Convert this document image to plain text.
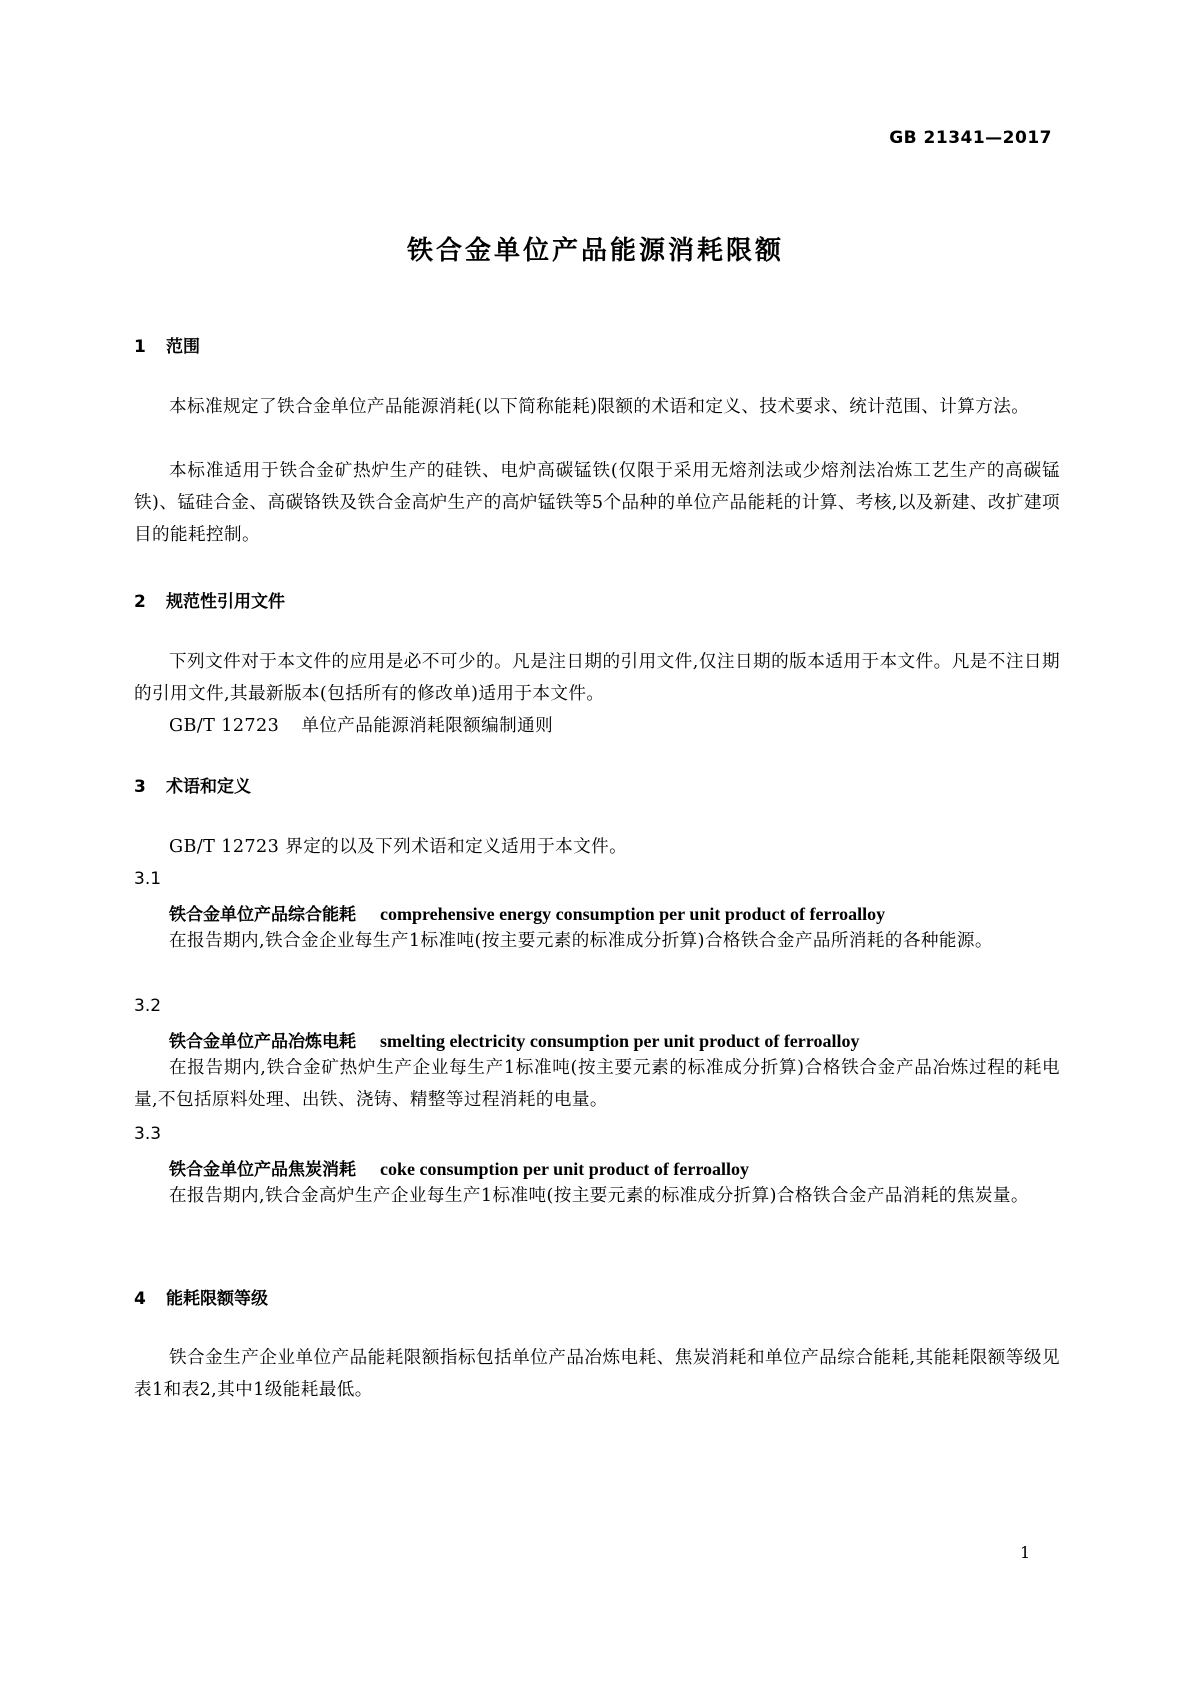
GB 21341—2017
铁合金单位产品能源消耗限额
1 范围
本标准规定了铁合金单位产品能源消耗(以下简称能耗)限额的术语和定义、技术要求、统计范围、计算方法。
本标准适用于铁合金矿热炉生产的硅铁、电炉高碳锰铁(仅限于采用无熔剂法或少熔剂法冶炼工艺生产的高碳锰铁)、锰硅合金、高碳铬铁及铁合金高炉生产的高炉锰铁等5个品种的单位产品能耗的计算、考核,以及新建、改扩建项目的能耗控制。
2 规范性引用文件
下列文件对于本文件的应用是必不可少的。凡是注日期的引用文件,仅注日期的版本适用于本文件。凡是不注日期的引用文件,其最新版本(包括所有的修改单)适用于本文件。
GB/T 12723 单位产品能源消耗限额编制通则
3 术语和定义
GB/T 12723 界定的以及下列术语和定义适用于本文件。
3.1
铁合金单位产品综合能耗 comprehensive energy consumption per unit product of ferroalloy
在报告期内,铁合金企业每生产1标准吨(按主要元素的标准成分折算)合格铁合金产品所消耗的各种能源。
3.2
铁合金单位产品冶炼电耗 smelting electricity consumption per unit product of ferroalloy
在报告期内,铁合金矿热炉生产企业每生产1标准吨(按主要元素的标准成分折算)合格铁合金产品冶炼过程的耗电量,不包括原料处理、出铁、浇铸、精整等过程消耗的电量。
3.3
铁合金单位产品焦炭消耗 coke consumption per unit product of ferroalloy
在报告期内,铁合金高炉生产企业每生产1标准吨(按主要元素的标准成分折算)合格铁合金产品消耗的焦炭量。
4 能耗限额等级
铁合金生产企业单位产品能耗限额指标包括单位产品冶炼电耗、焦炭消耗和单位产品综合能耗,其能耗限额等级见表1和表2,其中1级能耗最低。
1
